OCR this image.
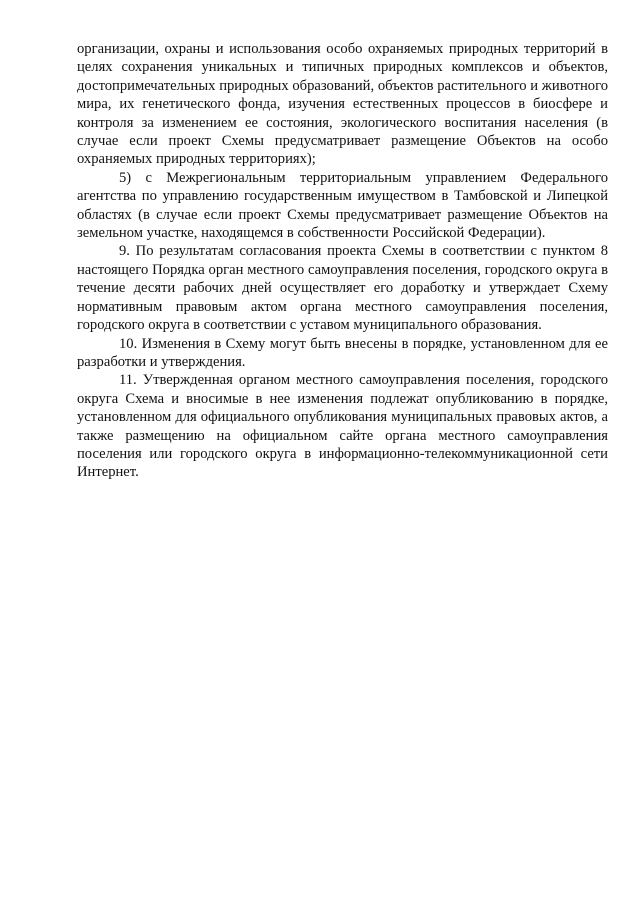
организации, охраны и использования особо охраняемых природных территорий в целях сохранения уникальных и типичных природных комплексов и объектов, достопримечательных природных образований, объектов растительного и животного мира, их генетического фонда, изучения естественных процессов в биосфере и контроля за изменением ее состояния, экологического воспитания населения (в случае если проект Схемы предусматривает размещение Объектов на особо охраняемых природных территориях);

5) с Межрегиональным территориальным управлением Федерального агентства по управлению государственным имуществом в Тамбовской и Липецкой областях (в случае если проект Схемы предусматривает размещение Объектов на земельном участке, находящемся в собственности Российской Федерации).

9. По результатам согласования проекта Схемы в соответствии с пунктом 8 настоящего Порядка орган местного самоуправления поселения, городского округа в течение десяти рабочих дней осуществляет его доработку и утверждает Схему нормативным правовым актом органа местного самоуправления поселения, городского округа в соответствии с уставом муниципального образования.

10. Изменения в Схему могут быть внесены в порядке, установленном для ее разработки и утверждения.

11. Утвержденная органом местного самоуправления поселения, городского округа Схема и вносимые в нее изменения подлежат опубликованию в порядке, установленном для официального опубликования муниципальных правовых актов, а также размещению на официальном сайте органа местного самоуправления поселения или городского округа в информационно-телекоммуникационной сети Интернет.
